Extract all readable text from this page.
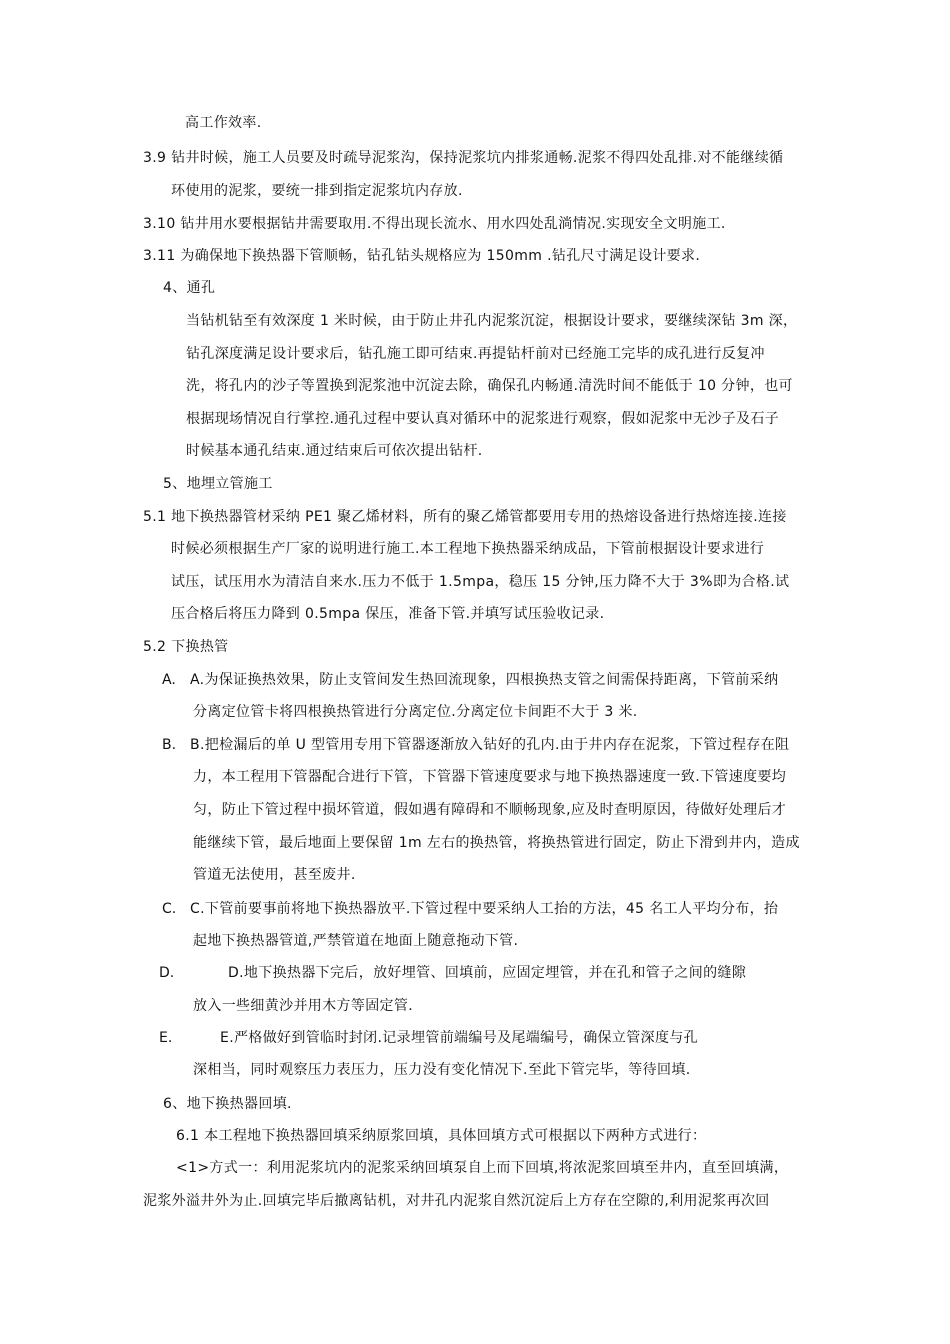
高工作效率.
3.9 钻井时候，施工人员要及时疏导泥浆沟，保持泥浆坑内排浆通畅.泥浆不得四处乱排.对不能继续循
环使用的泥浆，要统一排到指定泥浆坑内存放.
3.10 钻井用水要根据钻井需要取用.不得出现长流水、用水四处乱淌情况.实现安全文明施工.
3.11 为确保地下换热器下管顺畅，钻孔钻头规格应为 150mm .钻孔尺寸满足设计要求.
4、通孔
当钻机钻至有效深度 1 米时候，由于防止井孔内泥浆沉淀，根据设计要求，要继续深钻 3m 深，
钻孔深度满足设计要求后，钻孔施工即可结束.再提钻杆前对已经施工完毕的成孔进行反复冲
洗，将孔内的沙子等置换到泥浆池中沉淀去除，确保孔内畅通.清洗时间不能低于 10 分钟，也可
根据现场情况自行掌控.通孔过程中要认真对循环中的泥浆进行观察，假如泥浆中无沙子及石子
时候基本通孔结束.通过结束后可依次提出钻杆.
5、地埋立管施工
5.1 地下换热器管材采纳 PE1 聚乙烯材料，所有的聚乙烯管都要用专用的热熔设备进行热熔连接.连接
时候必须根据生产厂家的说明进行施工.本工程地下换热器采纳成品，下管前根据设计要求进行
试压，试压用水为清洁自来水.压力不低于 1.5mpa，稳压 15 分钟,压力降不大于 3%即为合格.试
压合格后将压力降到 0.5mpa 保压，准备下管.并填写试压验收记录.
5.2 下换热管
A. A.为保证换热效果，防止支管间发生热回流现象，四根换热支管之间需保持距离，下管前采纳
分离定位管卡将四根换热管进行分离定位.分离定位卡间距不大于 3 米.
B. B.把检漏后的单 U 型管用专用下管器逐渐放入钻好的孔内.由于井内存在泥浆，下管过程存在阻
力，本工程用下管器配合进行下管，下管器下管速度要求与地下换热器速度一致.下管速度要均
匀，防止下管过程中损坏管道，假如遇有障碍和不顺畅现象,应及时查明原因，待做好处理后才
能继续下管，最后地面上要保留 1m 左右的换热管，将换热管进行固定，防止下滑到井内，造成
管道无法使用，甚至废井.
C. C.下管前要事前将地下换热器放平.下管过程中要采纳人工抬的方法，45 名工人平均分布，抬
起地下换热器管道,严禁管道在地面上随意拖动下管.
D.	D.地下换热器下完后，放好埋管、回填前，应固定埋管，并在孔和管子之间的缝隙
放入一些细黄沙并用木方等固定管.
E.	E.严格做好到管临时封闭.记录埋管前端编号及尾端编号，确保立管深度与孔
深相当，同时观察压力表压力，压力没有变化情况下.至此下管完毕，等待回填.
6、地下换热器回填.
6.1 本工程地下换热器回填采纳原浆回填，具体回填方式可根据以下两种方式进行：
<1>方式一：利用泥浆坑内的泥浆采纳回填泵自上而下回填,将浓泥浆回填至井内，直至回填满，
泥浆外溢井外为止.回填完毕后撤离钻机，对井孔内泥浆自然沉淀后上方存在空隙的,利用泥浆再次回
